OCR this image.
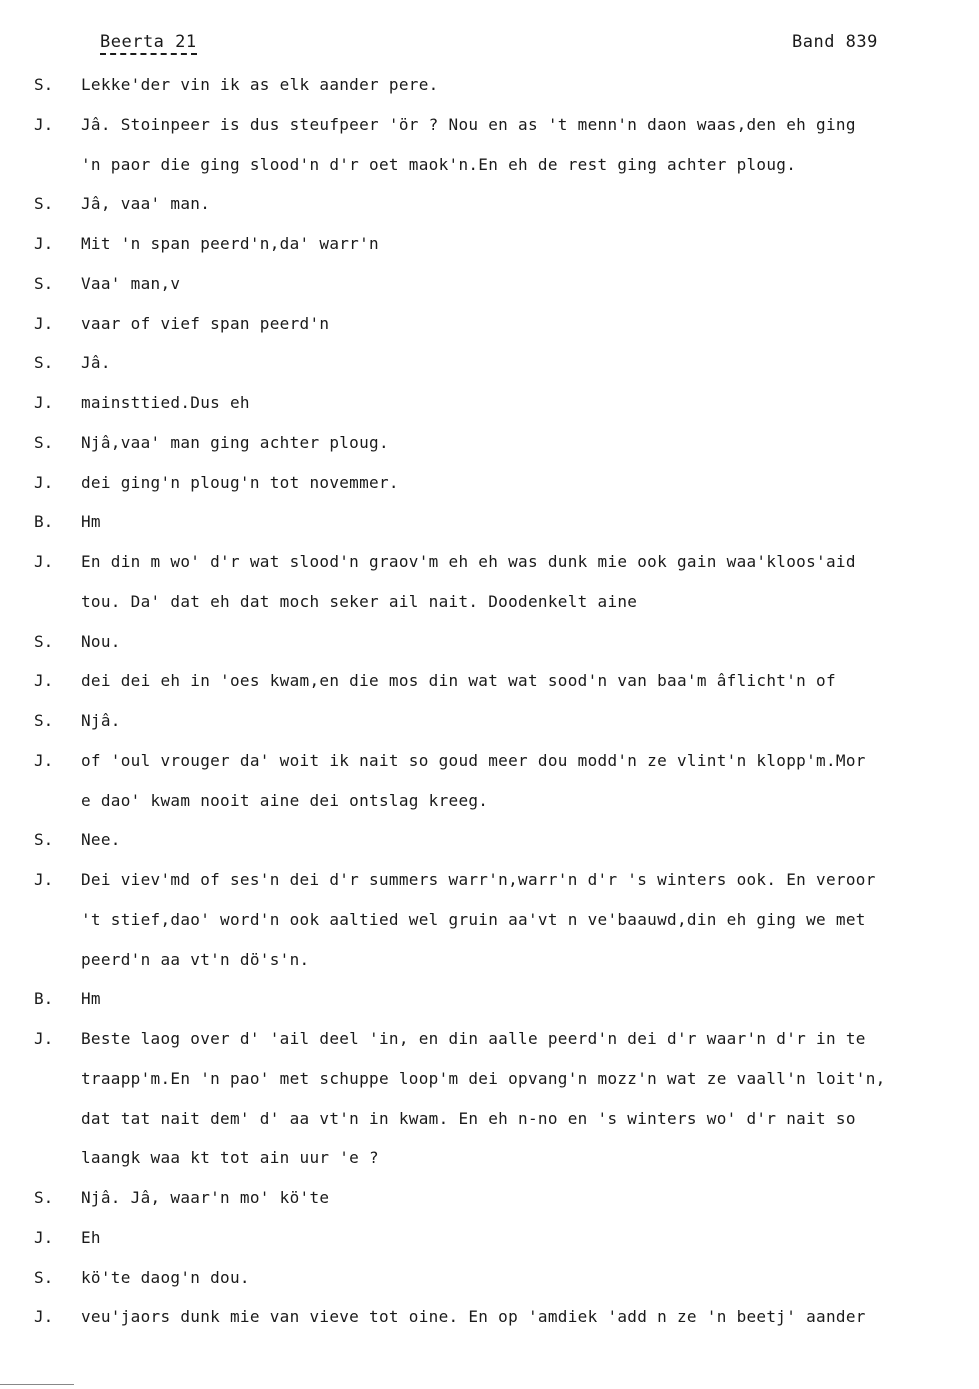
Beerta 21	Band 839
S.	Lekke'der vin ik as elk aander pere.
J.	Jâ. Stoinpeer is dus steufpeer 'ör ? Nou en as 't menn'n daon waas,den eh ging
'n paor die ging slood'n d'r oet maok'n.En eh de rest ging achter ploug.
S.	Jâ, vaa' man.
J.	Mit 'n span peerd'n,da' warr'n
S.	Vaa' man,v
J.	vaar of vief span peerd'n
S.	Jâ.
J.	mainsttied.Dus eh
S.	Njâ,vaa' man ging achter ploug.
J.	dei ging'n ploug'n tot novemmer.
B.	Hm
J.	En din m wo' d'r wat slood'n graov'm eh eh was dunk mie ook gain waa'kloos'aid
tou. Da' dat eh dat moch seker ail nait. Doodenkelt aine
S.	Nou.
J.	dei dei eh in 'oes kwam,en die mos din wat wat sood'n van baa'm âflicht'n of
S.	Njâ.
J.	of 'oul vrouger da' woit ik nait so goud meer dou modd'n ze vlint'n klopp'm.Mor
e dao' kwam nooit aine dei ontslag kreeg.
S.	Nee.
J.	Dei viev'md of ses'n dei d'r summers warr'n,warr'n d'r 's winters ook. En veroor
't stief,dao' word'n ook aaltied wel gruin aa'vt n ve'baauwd,din eh ging we met
peerd'n aa vt'n dö's'n.
B.	Hm
J.	Beste laog over d' 'ail deel 'in, en din aalle peerd'n dei d'r waar'n d'r in te
traapp'm.En 'n pao' met schuppe loop'm dei opvang'n mozz'n wat ze vaall'n loit'n,
dat tat nait dem' d' aa vt'n in kwam. En eh n-no en 's winters wo' d'r nait so
laangk waa kt tot ain uur 'e ?
S.	Njâ. Jâ, waar'n mo' kö'te
J.	Eh
S.	kö'te daog'n dou.
J.	veu'jaors dunk mie van vieve tot oine. En op 'amdiek 'add n ze 'n beetj' aander
